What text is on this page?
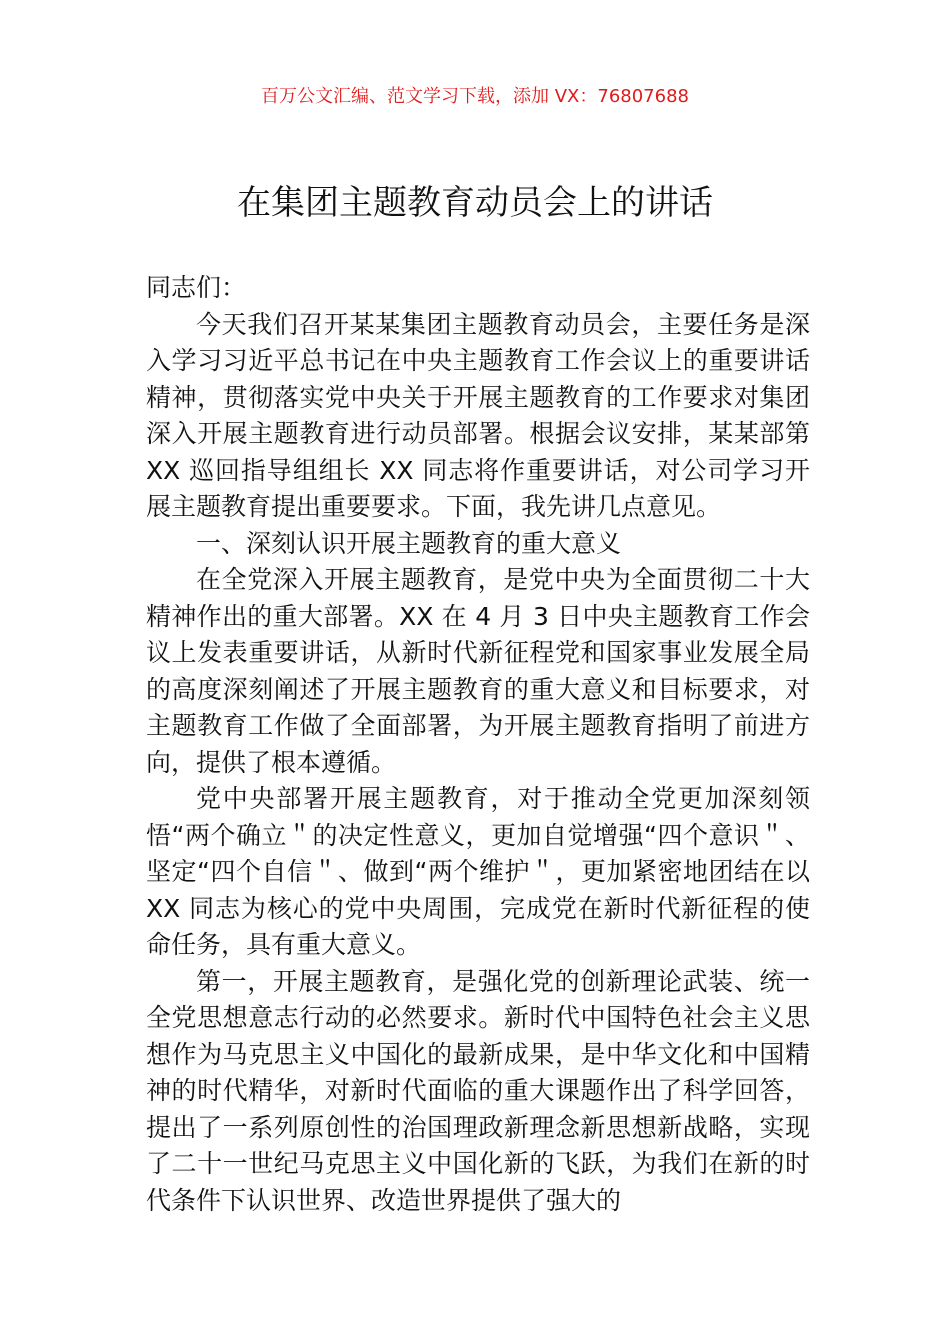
百万公文汇编、范文学习下载，添加 VX：76807688
在集团主题教育动员会上的讲话

同志们：

今天我们召开某某集团主题教育动员会，主要任务是深入学习习近平总书记在中央主题教育工作会议上的重要讲话精神，贯彻落实党中央关于开展主题教育的工作要求对集团深入开展主题教育进行动员部署。根据会议安排，某某部第 XX 巡回指导组组长 XX 同志将作重要讲话，对公司学习开展主题教育提出重要要求。下面，我先讲几点意见。

一、深刻认识开展主题教育的重大意义

在全党深入开展主题教育，是党中央为全面贯彻二十大精神作出的重大部署。XX 在 4 月 3 日中央主题教育工作会议上发表重要讲话，从新时代新征程党和国家事业发展全局的高度深刻阐述了开展主题教育的重大意义和目标要求，对主题教育工作做了全面部署，为开展主题教育指明了前进方向，提供了根本遵循。

党中央部署开展主题教育，对于推动全党更加深刻领悟“两个确立＂的决定性意义，更加自觉增强“四个意识＂、坚定“四个自信＂、做到“两个维护＂，更加紧密地团结在以 XX 同志为核心的党中央周围，完成党在新时代新征程的使命任务，具有重大意义。

第一，开展主题教育，是强化党的创新理论武装、统一全党思想意志行动的必然要求。新时代中国特色社会主义思想作为马克思主义中国化的最新成果，是中华文化和中国精神的时代精华，对新时代面临的重大课题作出了科学回答，提出了一系列原创性的治国理政新理念新思想新战略，实现了二十一世纪马克思主义中国化新的飞跃，为我们在新的时代条件下认识世界、改造世界提供了强大的
